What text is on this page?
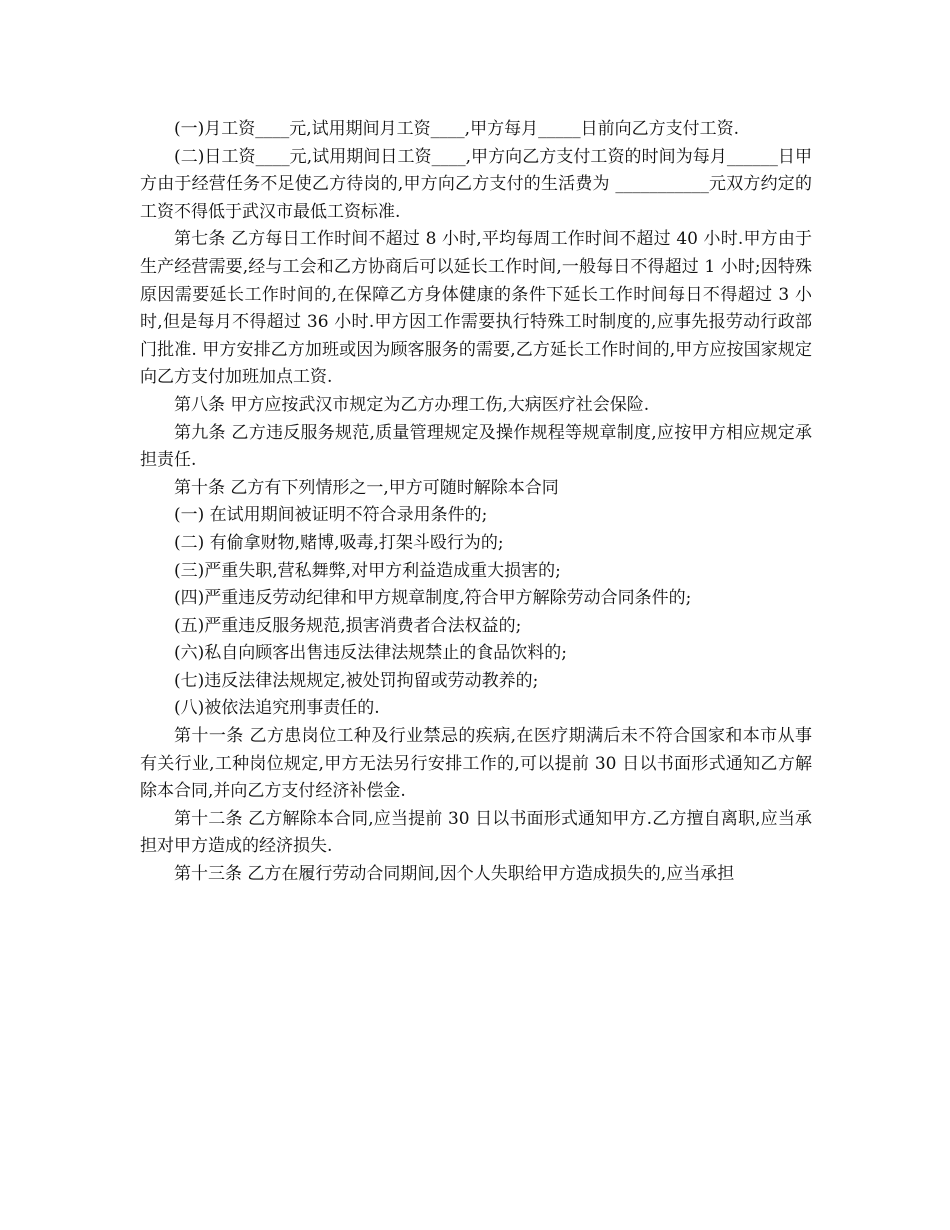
(一)月工资____元,试用期间月工资____,甲方每月_____日前向乙方支付工资.

(二)日工资____元,试用期间日工资____,甲方向乙方支付工资的时间为每月______日甲方由于经营任务不足使乙方待岗的,甲方向乙方支付的生活费为 ___________元双方约定的工资不得低于武汉市最低工资标准.

第七条 乙方每日工作时间不超过 8 小时,平均每周工作时间不超过 40 小时.甲方由于生产经营需要,经与工会和乙方协商后可以延长工作时间,一般每日不得超过 1 小时;因特殊原因需要延长工作时间的,在保障乙方身体健康的条件下延长工作时间每日不得超过 3 小时,但是每月不得超过 36 小时.甲方因工作需要执行特殊工时制度的,应事先报劳动行政部门批准. 甲方安排乙方加班或因为顾客服务的需要,乙方延长工作时间的,甲方应按国家规定向乙方支付加班加点工资.

第八条 甲方应按武汉市规定为乙方办理工伤,大病医疗社会保险.

第九条 乙方违反服务规范,质量管理规定及操作规程等规章制度,应按甲方相应规定承担责任.

第十条 乙方有下列情形之一,甲方可随时解除本合同

(一) 在试用期间被证明不符合录用条件的;

(二) 有偷拿财物,赌博,吸毒,打架斗殴行为的;

(三)严重失职,营私舞弊,对甲方利益造成重大损害的;

(四)严重违反劳动纪律和甲方规章制度,符合甲方解除劳动合同条件的;

(五)严重违反服务规范,损害消费者合法权益的;

(六)私自向顾客出售违反法律法规禁止的食品饮料的;

(七)违反法律法规规定,被处罚拘留或劳动教养的;

(八)被依法追究刑事责任的.

第十一条 乙方患岗位工种及行业禁忌的疾病,在医疗期满后未不符合国家和本市从事有关行业,工种岗位规定,甲方无法另行安排工作的,可以提前 30 日以书面形式通知乙方解除本合同,并向乙方支付经济补偿金.

第十二条 乙方解除本合同,应当提前 30 日以书面形式通知甲方.乙方擅自离职,应当承担对甲方造成的经济损失.

第十三条 乙方在履行劳动合同期间,因个人失职给甲方造成损失的,应当承担
